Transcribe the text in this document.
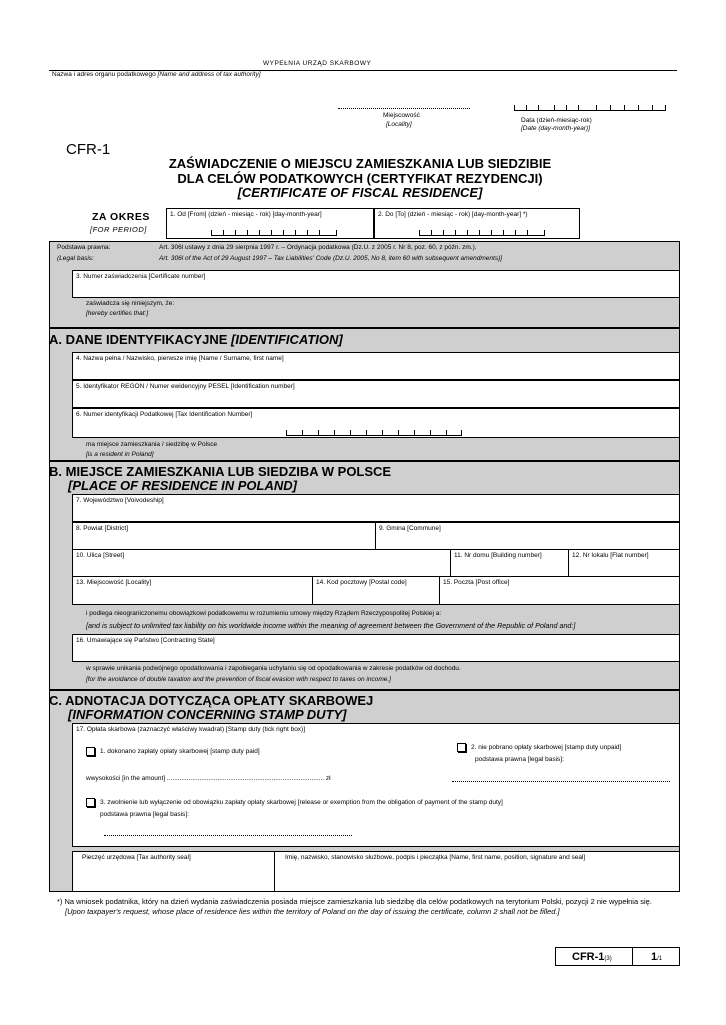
WYPEŁNIA URZĄD SKARBOWY
Nazwa i adres organu podatkowego [Name and address of tax authority]
Miejscowość
[Locality]
Data (dzień-miesiąc-rok)
[Date (day-month-year)]
CFR-1
ZAŚWIADCZENIE O MIEJSCU ZAMIESZKANIA LUB SIEDZIBIE
DLA CELÓW PODATKOWYCH (CERTYFIKAT REZYDENCJI)
[CERTIFICATE OF FISCAL RESIDENCE]
ZA OKRES
[FOR PERIOD]
1. Od [From] (dzień - miesiąc - rok) [day-month-year]	2. Do [To] (dzień - miesiąc - rok) [day-month-year] *)
Podstawa prawna:	Art. 306l ustawy z dnia 29 sierpnia 1997 r. – Ordynacja podatkowa (Dz.U. z 2005 r. Nr 8, poz. 60, z późn. zm.).
(Legal basis:	Art. 306l of the Act of 29 August 1997 – Tax Liabilities' Code (Dz.U. 2005, No 8, item 60 with subsequent amendments)]
3. Numer zaświadczenia [Certificate number]
zaświadcza się niniejszym, że:
[hereby certifies that:]
A. DANE IDENTYFIKACYJNE [IDENTIFICATION]
4. Nazwa pełna / Nazwisko, pierwsze imię [Name / Surname, first name]
5. Identyfikator REGON / Numer ewidencyjny PESEL [Identification number]
6. Numer identyfikacji Podatkowej [Tax Identification Number]
ma miejsce zamieszkania / siedzibę w Polsce
[is a resident in Poland]
B. MIEJSCE ZAMIESZKANIA LUB SIEDZIBA W POLSCE
[PLACE OF RESIDENCE IN POLAND]
7. Województwo [Voivodeship]
8. Powiat [District]	9. Gmina [Commune]
10. Ulica [Street]	11. Nr domu [Building number]	12. Nr lokalu [Flat number]
13. Miejscowość [Locality]	14. Kod pocztowy [Postal code]	15. Poczta [Post office]
i podlega nieograniczonemu obowiązkowi podatkowemu w rozumieniu umowy między Rządem Rzeczypospolitej Polskiej a:
[and is subject to unlimited tax liability on his worldwide income within the meaning of agreement between the Government of the Republic of Poland and:]
16. Umawiające się Państwo [Contracting State]
w sprawie unikania podwójnego opodatkowania i zapobiegania uchylaniu się od opodatkowania w zakresie podatków od dochodu.
[for the avoidance of double taxation and the prevention of fiscal evasion with respect to taxes on income.]
C. ADNOTACJA DOTYCZĄCA OPŁATY SKARBOWEJ
[INFORMATION CONCERNING STAMP DUTY]
17. Opłata skarbowa (zaznaczyć właściwy kwadrat) [Stamp duty (tick right box)]
1. dokonano zapłaty opłaty skarbowej [stamp duty paid]
wwysokości [in the amount] ....................................................................................... zł
2. nie pobrano opłaty skarbowej [stamp duty unpaid]
podstawa prawna [legal basis]:
3. zwolnienie lub wyłączenie od obowiązku zapłaty opłaty skarbowej [release or exemption from the obligation of payment of the stamp duty]
podstawa prawna [legal basis]:
Pieczęć urzędowa [Tax authority seal]	Imię, nazwisko, stanowisko służbowe, podpis i pieczątka [Name, first name, position, signature and seal]
*) Na wniosek podatnika, który na dzień wydania zaświadczenia posiada miejsce zamieszkania lub siedzibę dla celów podatkowych na terytorium Polski, pozycji 2 nie wypełnia się.
[Upon taxpayer's request, whose place of residence lies within the territory of Poland on the day of issuing the certificate, column 2 shall not be filled.]
CFR-1(3)	1/1
